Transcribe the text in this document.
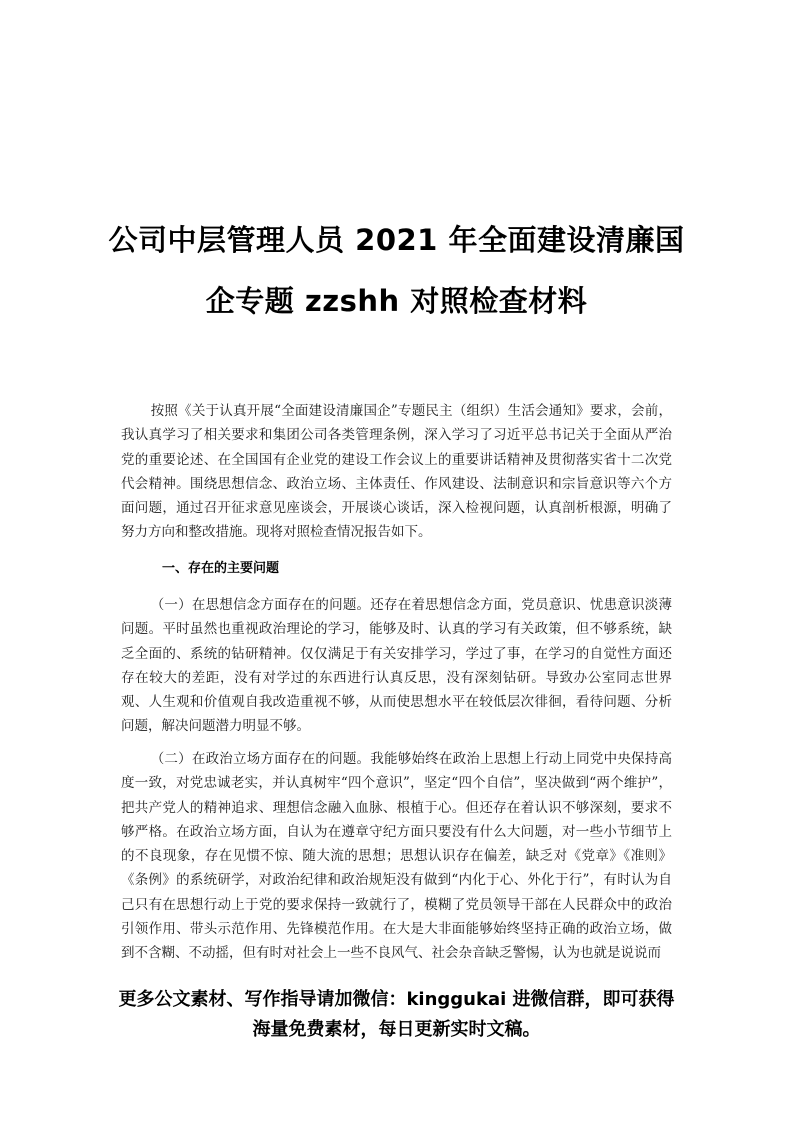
公司中层管理人员 2021 年全面建设清廉国
企专题 zzshh 对照检查材料

按照《关于认真开展“全面建设清廉国企”专题民主（组织）生活会通知》要求，会前，我认真学习了相关要求和集团公司各类管理条例，深入学习了习近平总书记关于全面从严治党的重要论述、在全国国有企业党的建设工作会议上的重要讲话精神及贯彻落实省十二次党代会精神。围绕思想信念、政治立场、主体责任、作风建设、法制意识和宗旨意识等六个方面问题，通过召开征求意见座谈会，开展谈心谈话，深入检视问题，认真剖析根源，明确了努力方向和整改措施。现将对照检查情况报告如下。

一、存在的主要问题

（一）在思想信念方面存在的问题。还存在着思想信念方面，党员意识、忧患意识淡薄问题。平时虽然也重视政治理论的学习，能够及时、认真的学习有关政策，但不够系统，缺乏全面的、系统的钻研精神。仅仅满足于有关安排学习，学过了事，在学习的自觉性方面还存在较大的差距，没有对学过的东西进行认真反思，没有深刻钻研。导致办公室同志世界观、人生观和价值观自我改造重视不够，从而使思想水平在较低层次徘徊，看待问题、分析问题，解决问题潜力明显不够。

（二）在政治立场方面存在的问题。我能够始终在政治上思想上行动上同党中央保持高度一致，对党忠诚老实，并认真树牢“四个意识”，坚定“四个自信”，坚决做到“两个维护”，把共产党人的精神追求、理想信念融入血脉、根植于心。但还存在着认识不够深刻，要求不够严格。在政治立场方面，自认为在遵章守纪方面只要没有什么大问题，对一些小节细节上的不良现象，存在见惯不惊、随大流的思想；思想认识存在偏差，缺乏对《党章》《准则》《条例》的系统研学，对政治纪律和政治规矩没有做到“内化于心、外化于行”，有时认为自己只有在思想行动上于党的要求保持一致就行了，模糊了党员领导干部在人民群众中的政治引领作用、带头示范作用、先锋模范作用。在大是大非面能够始终坚持正确的政治立场，做到不含糊、不动摇，但有时对社会上一些不良风气、社会杂音缺乏警惕，认为也就是说说而

更多公文素材、写作指导请加微信：kinggukai 进微信群，即可获得
海量免费素材，每日更新实时文稿。
